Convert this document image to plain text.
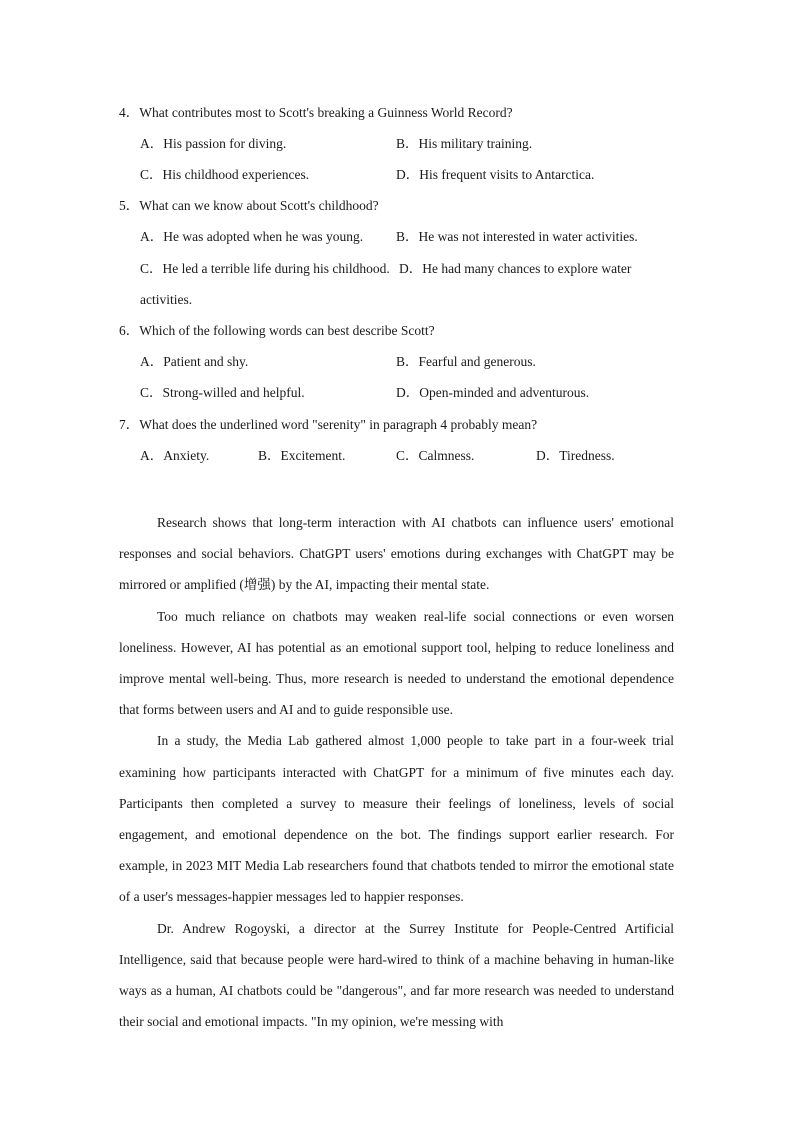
4．What contributes most to Scott's breaking a Guinness World Record?
A．His passion for diving.	B．His military training.
C．His childhood experiences.	D．His frequent visits to Antarctica.
5．What can we know about Scott's childhood?
A．He was adopted when he was young. B．He was not interested in water activities.
C．He led a terrible life during his childhood. D．He had many chances to explore water
activities.
6．Which of the following words can best describe Scott?
A．Patient and shy.	B．Fearful and generous.
C．Strong-willed and helpful.	D．Open-minded and adventurous.
7．What does the underlined word "serenity" in paragraph 4 probably mean?
A．Anxiety.	B．Excitement.	C．Calmness.	D．Tiredness.

Research shows that long-term interaction with AI chatbots can influence users' emotional responses and social behaviors. ChatGPT users' emotions during exchanges with ChatGPT may be mirrored or amplified (增强) by the AI, impacting their mental state.

Too much reliance on chatbots may weaken real-life social connections or even worsen loneliness. However, AI has potential as an emotional support tool, helping to reduce loneliness and improve mental well-being. Thus, more research is needed to understand the emotional dependence that forms between users and AI and to guide responsible use.

In a study, the Media Lab gathered almost 1,000 people to take part in a four-week trial examining how participants interacted with ChatGPT for a minimum of five minutes each day. Participants then completed a survey to measure their feelings of loneliness, levels of social engagement, and emotional dependence on the bot. The findings support earlier research. For example, in 2023 MIT Media Lab researchers found that chatbots tended to mirror the emotional state of a user's messages-happier messages led to happier responses.

Dr. Andrew Rogoyski, a director at the Surrey Institute for People-Centred Artificial Intelligence, said that because people were hard-wired to think of a machine behaving in human-like ways as a human, AI chatbots could be "dangerous", and far more research was needed to understand their social and emotional impacts. "In my opinion, we're messing with
